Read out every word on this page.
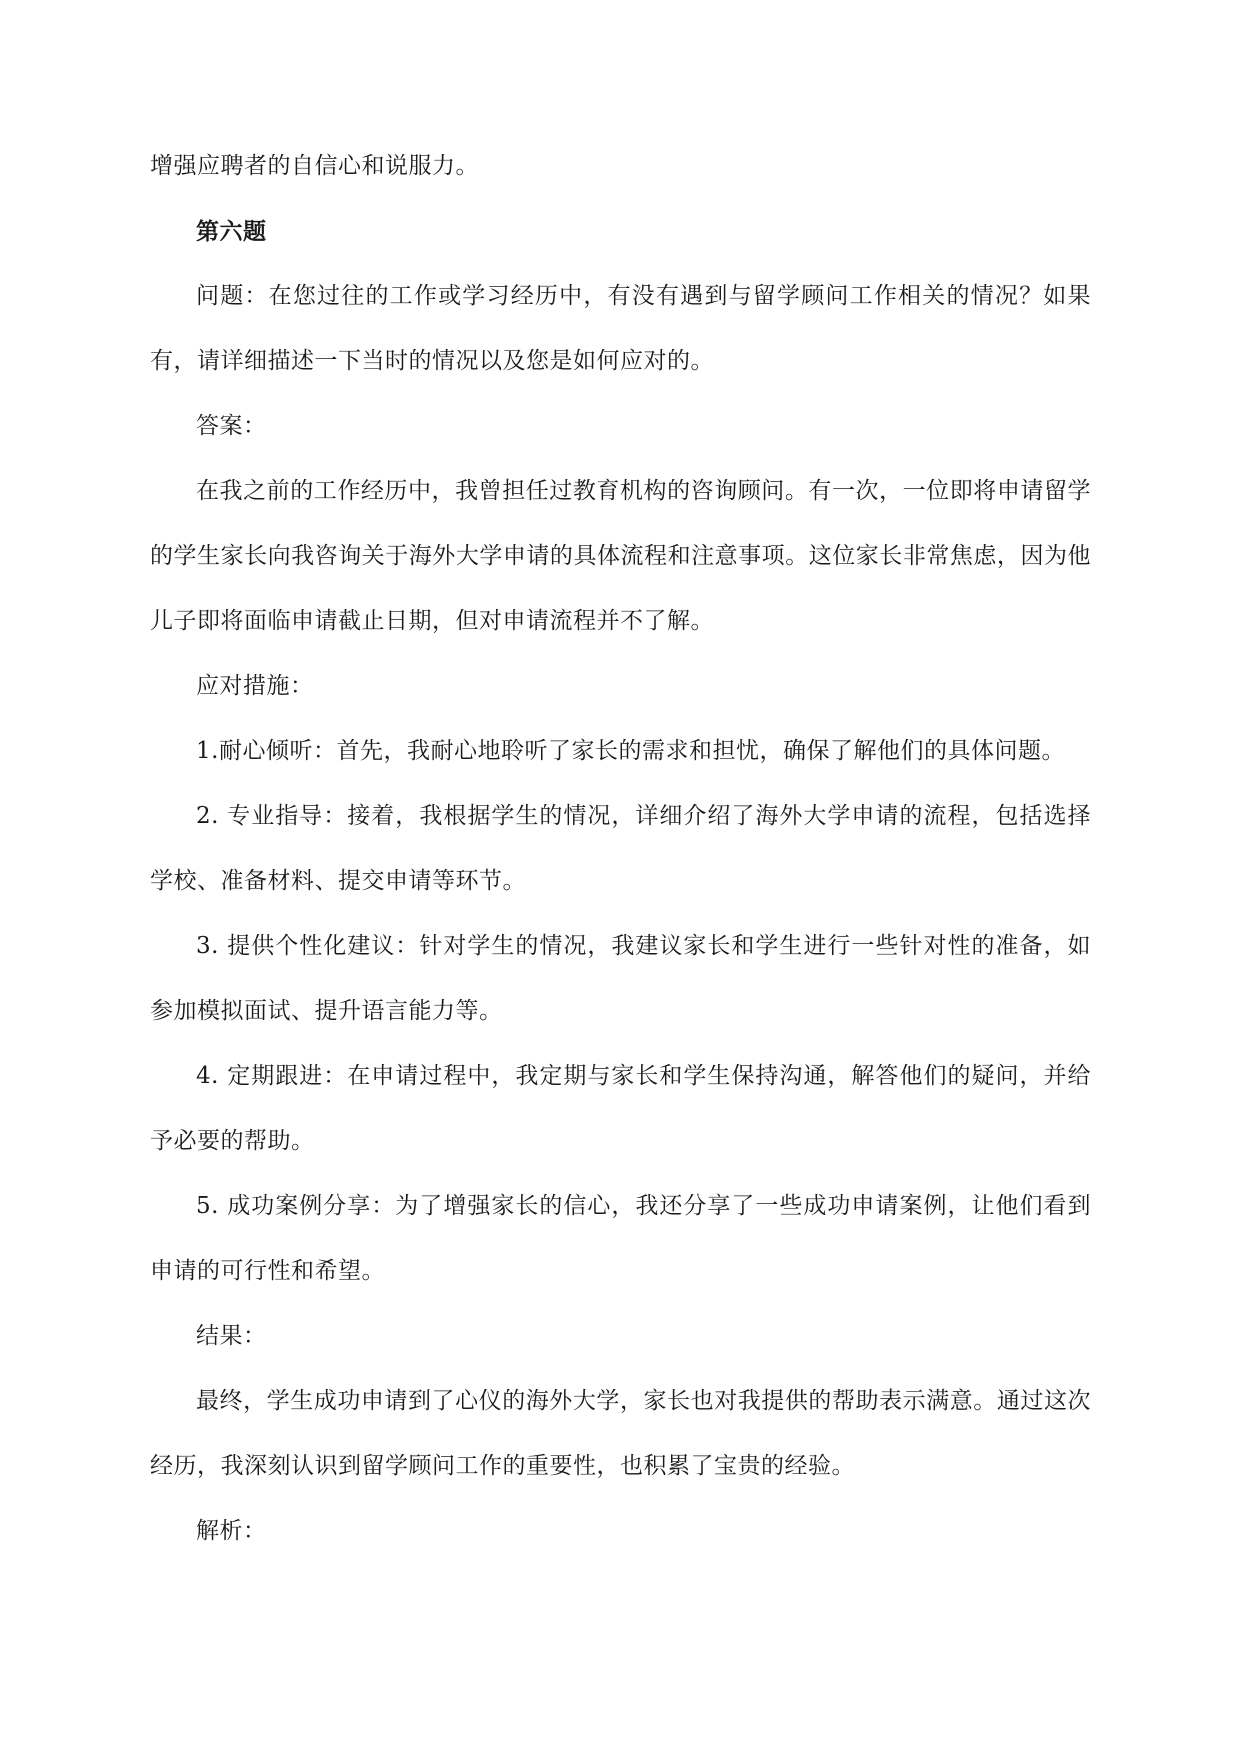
增强应聘者的自信心和说服力。

第六题

问题：在您过往的工作或学习经历中，有没有遇到与留学顾问工作相关的情况？如果有，请详细描述一下当时的情况以及您是如何应对的。

答案：

在我之前的工作经历中，我曾担任过教育机构的咨询顾问。有一次，一位即将申请留学的学生家长向我咨询关于海外大学申请的具体流程和注意事项。这位家长非常焦虑，因为他儿子即将面临申请截止日期，但对申请流程并不了解。

应对措施：

1.耐心倾听：首先，我耐心地聆听了家长的需求和担忧，确保了解他们的具体问题。

2. 专业指导：接着，我根据学生的情况，详细介绍了海外大学申请的流程，包括选择学校、准备材料、提交申请等环节。

3. 提供个性化建议：针对学生的情况，我建议家长和学生进行一些针对性的准备，如参加模拟面试、提升语言能力等。

4. 定期跟进：在申请过程中，我定期与家长和学生保持沟通，解答他们的疑问，并给予必要的帮助。

5. 成功案例分享：为了增强家长的信心，我还分享了一些成功申请案例，让他们看到申请的可行性和希望。

结果：

最终，学生成功申请到了心仪的海外大学，家长也对我提供的帮助表示满意。通过这次经历，我深刻认识到留学顾问工作的重要性，也积累了宝贵的经验。

解析：
